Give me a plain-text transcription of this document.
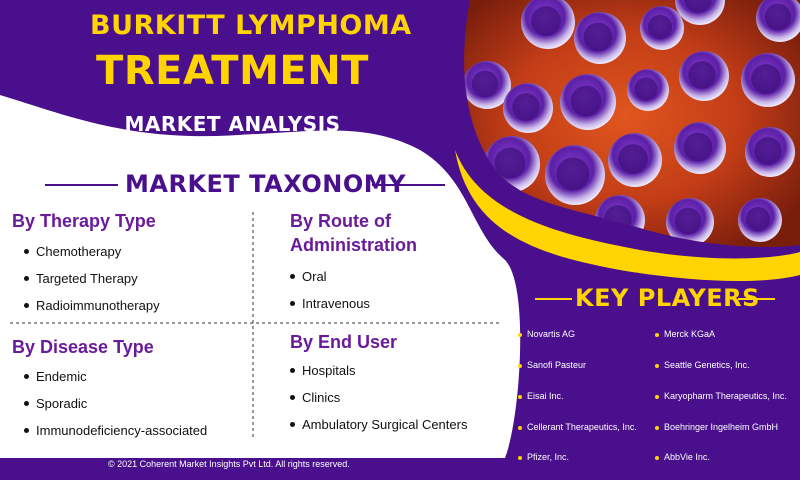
BURKITT LYMPHOMA
TREATMENT
MARKET ANALYSIS
MARKET TAXONOMY
By Therapy Type
Chemotherapy
Targeted Therapy
Radioimmunotherapy
By Route of
Administration
Oral
Intravenous
By Disease Type
Endemic
Sporadic
Immunodeficiency-associated
By End User
Hospitals
Clinics
Ambulatory Surgical Centers
KEY PLAYERS
Novartis AG
Sanofi Pasteur
Eisai Inc.
Cellerant Therapeutics, Inc.
Pfizer, Inc.
Merck KGaA
Seattle Genetics, Inc.
Karyopharm Therapeutics, Inc.
Boehringer Ingelheim GmbH
AbbVie Inc.
© 2021 Coherent Market Insights Pvt Ltd. All rights reserved.
